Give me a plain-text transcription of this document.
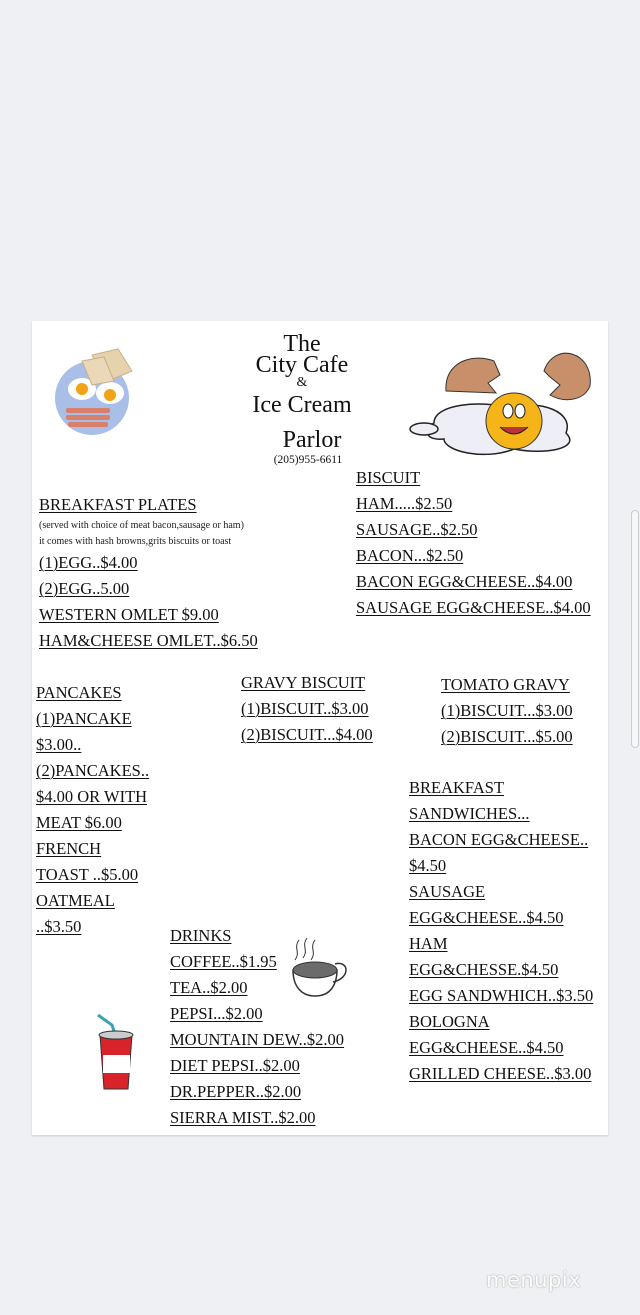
The
City Cafe
&
Ice Cream
Parlor
(205)955-6611
BREAKFAST PLATES
(served with choice of meat bacon,sausage or ham)
it comes with hash browns,grits biscuits or toast
(1)EGG..$4.00
(2)EGG..5.00
WESTERN OMLET $9.00
HAM&CHEESE OMLET..$6.50
BISCUIT
HAM.....$2.50
SAUSAGE..$2.50
BACON...$2.50
BACON EGG&CHEESE..$4.00
SAUSAGE EGG&CHEESE..$4.00
PANCAKES
(1)PANCAKE
$3.00..
(2)PANCAKES..
$4.00 OR WITH
MEAT $6.00
FRENCH
TOAST ..$5.00
OATMEAL
..$3.50
GRAVY BISCUIT
(1)BISCUIT..$3.00
(2)BISCUIT...$4.00
TOMATO GRAVY
(1)BISCUIT...$3.00
(2)BISCUIT...$5.00
BREAKFAST
SANDWICHES...
BACON EGG&CHEESE..
$4.50
SAUSAGE
EGG&CHEESE..$4.50
HAM
EGG&CHESSE.$4.50
EGG SANDWHICH..$3.50
BOLOGNA
EGG&CHEESE..$4.50
GRILLED CHEESE..$3.00
DRINKS
COFFEE..$1.95
TEA..$2.00
PEPSI...$2.00
MOUNTAIN DEW..$2.00
DIET PEPSI..$2.00
DR.PEPPER..$2.00
SIERRA MIST..$2.00
menupix
